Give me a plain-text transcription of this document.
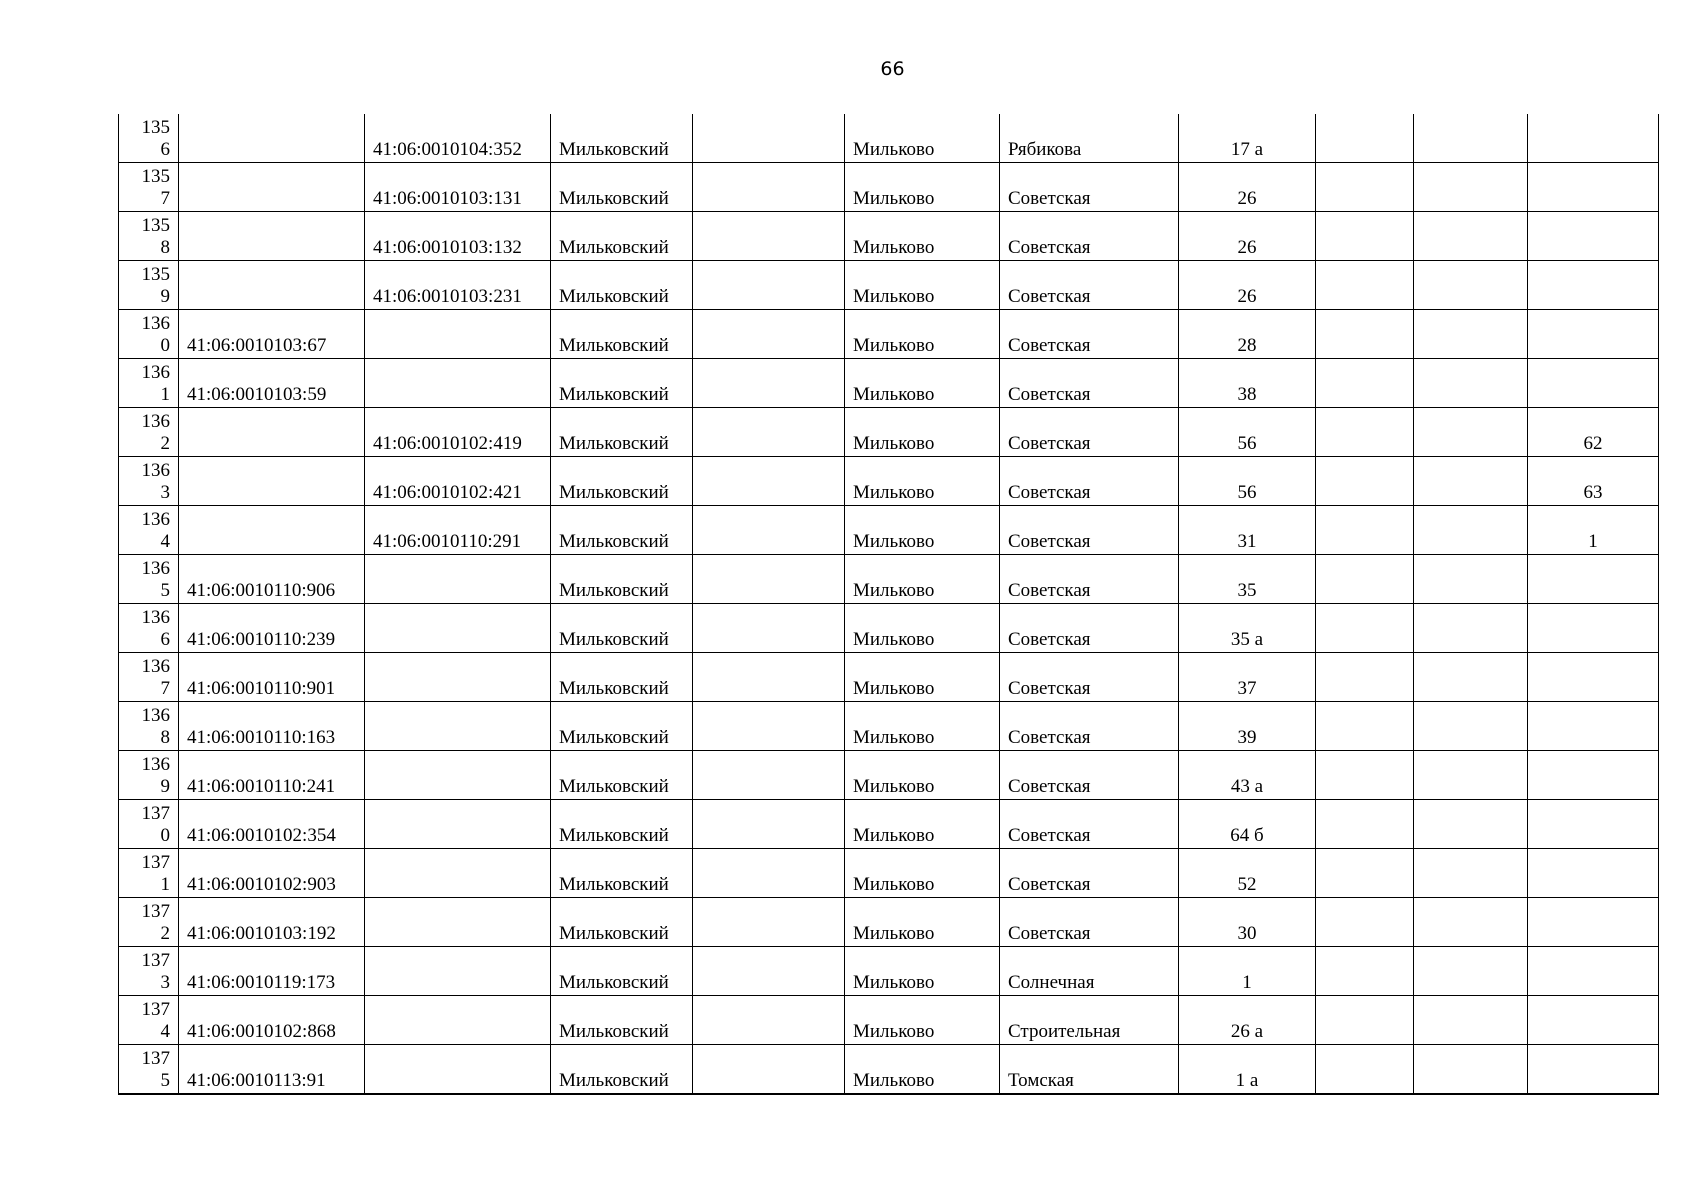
66
135
6		41:06:0010104:352	Мильковский		Мильково	Рябикова	17 а			

135
7		41:06:0010103:131	Мильковский		Мильково	Советская	26			

135
8		41:06:0010103:132	Мильковский		Мильково	Советская	26			

135
9		41:06:0010103:231	Мильковский		Мильково	Советская	26			

136
0	41:06:0010103:67		Мильковский		Мильково	Советская	28			

136
1	41:06:0010103:59		Мильковский		Мильково	Советская	38			

136
2		41:06:0010102:419	Мильковский		Мильково	Советская	56			62

136
3		41:06:0010102:421	Мильковский		Мильково	Советская	56			63

136
4		41:06:0010110:291	Мильковский		Мильково	Советская	31			1

136
5	41:06:0010110:906		Мильковский		Мильково	Советская	35			

136
6	41:06:0010110:239		Мильковский		Мильково	Советская	35 а			

136
7	41:06:0010110:901		Мильковский		Мильково	Советская	37			

136
8	41:06:0010110:163		Мильковский		Мильково	Советская	39			

136
9	41:06:0010110:241		Мильковский		Мильково	Советская	43 а			

137
0	41:06:0010102:354		Мильковский		Мильково	Советская	64 б			

137
1	41:06:0010102:903		Мильковский		Мильково	Советская	52			

137
2	41:06:0010103:192		Мильковский		Мильково	Советская	30			

137
3	41:06:0010119:173		Мильковский		Мильково	Солнечная	1			

137
4	41:06:0010102:868		Мильковский		Мильково	Строительная	26 а			

137
5	41:06:0010113:91		Мильковский		Мильково	Томская	1 а			
